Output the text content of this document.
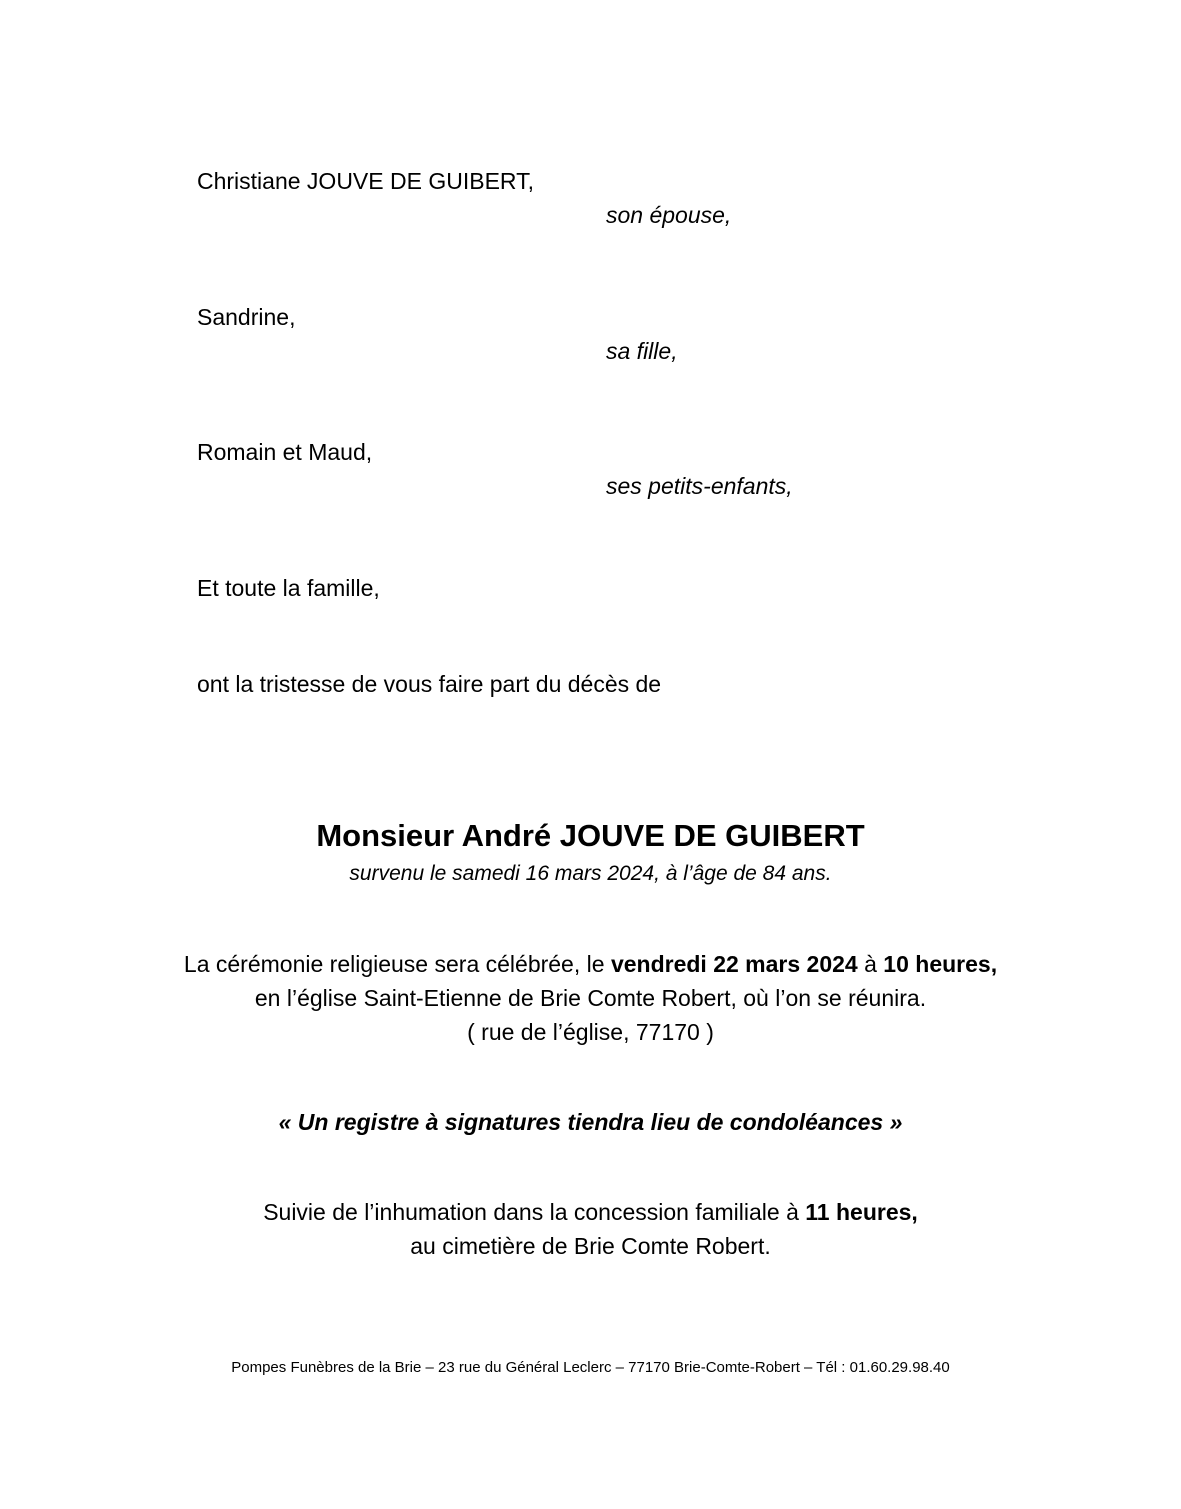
Christiane JOUVE DE GUIBERT,
son épouse,
Sandrine,
sa fille,
Romain et Maud,
ses petits-enfants,
Et toute la famille,
ont la tristesse de vous faire part du décès de
Monsieur André JOUVE DE GUIBERT
survenu le samedi 16 mars 2024, à l’âge de 84 ans.
La cérémonie religieuse sera célébrée, le vendredi 22 mars 2024 à 10 heures,
en l’église Saint-Etienne de Brie Comte Robert, où l’on se réunira.
( rue de l’église, 77170 )
« Un registre à signatures tiendra lieu de condoléances »
Suivie de l’inhumation dans la concession familiale à 11 heures,
au cimetière de Brie Comte Robert.
Pompes Funèbres de la Brie – 23 rue du Général Leclerc – 77170 Brie-Comte-Robert – Tél : 01.60.29.98.40
